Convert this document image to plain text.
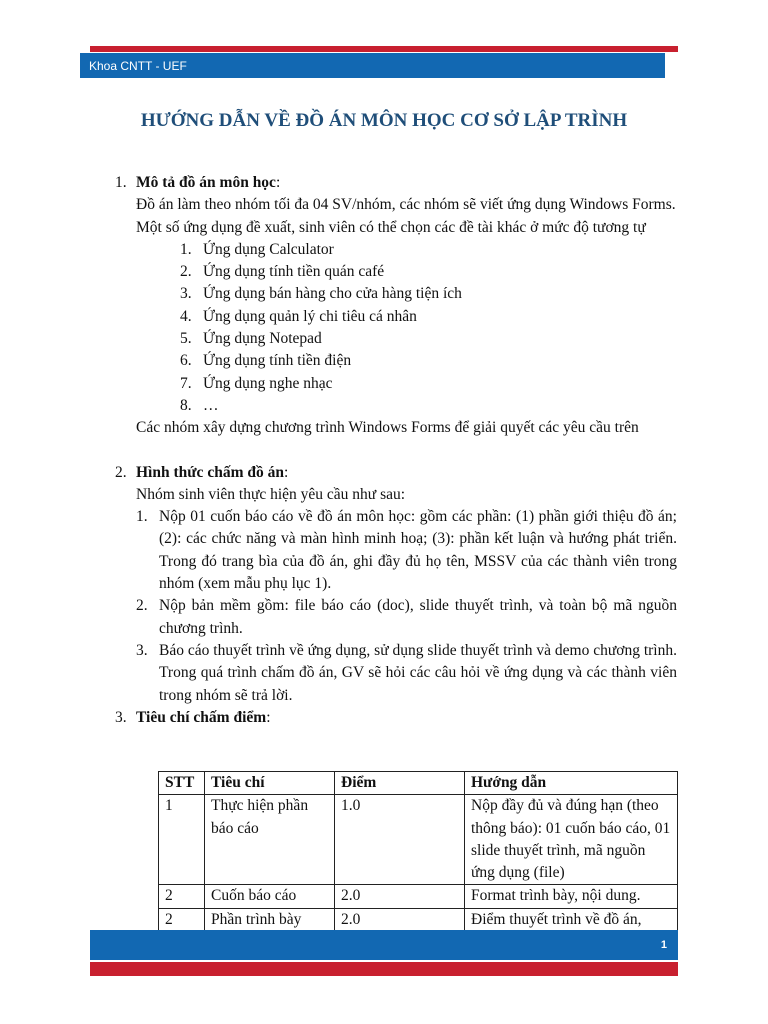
Khoa CNTT - UEF
HƯỚNG DẪN VỀ ĐỒ ÁN MÔN HỌC CƠ SỞ LẬP TRÌNH
1. Mô tả đồ án môn học:

Đồ án làm theo nhóm tối đa 04 SV/nhóm, các nhóm sẽ viết ứng dụng Windows Forms.

Một số ứng dụng đề xuất, sinh viên có thể chọn các đề tài khác ở mức độ tương tự

1. Ứng dụng Calculator
2. Ứng dụng tính tiền quán café
3. Ứng dụng bán hàng cho cửa hàng tiện ích
4. Ứng dụng quản lý chi tiêu cá nhân
5. Ứng dụng Notepad
6. Ứng dụng tính tiền điện
7. Ứng dụng nghe nhạc
8. …

Các nhóm xây dựng chương trình Windows Forms để giải quyết các yêu cầu trên

2. Hình thức chấm đồ án:

Nhóm sinh viên thực hiện yêu cầu như sau:

1. Nộp 01 cuốn báo cáo về đồ án môn học: gồm các phần: (1) phần giới thiệu đồ án; (2): các chức năng và màn hình minh hoạ; (3): phần kết luận và hướng phát triển. Trong đó trang bìa của đồ án, ghi đầy đủ họ tên, MSSV của các thành viên trong nhóm (xem mẫu phụ lục 1).
2. Nộp bản mềm gồm: file báo cáo (doc), slide thuyết trình, và toàn bộ mã nguồn chương trình.
3. Báo cáo thuyết trình về ứng dụng, sử dụng slide thuyết trình và demo chương trình. Trong quá trình chấm đồ án, GV sẽ hỏi các câu hỏi về ứng dụng và các thành viên trong nhóm sẽ trả lời.
3. Tiêu chí chấm điểm:

STT	Tiêu chí	Điểm	Hướng dẫn
1	Thực hiện phần báo cáo	1.0	Nộp đầy đủ và đúng hạn (theo thông báo): 01 cuốn báo cáo, 01 slide thuyết trình, mã nguồn ứng dụng (file)
2	Cuốn báo cáo	2.0	Format trình bày, nội dung.
2	Phần trình bày	2.0	Điểm thuyết trình về đồ án,
1
